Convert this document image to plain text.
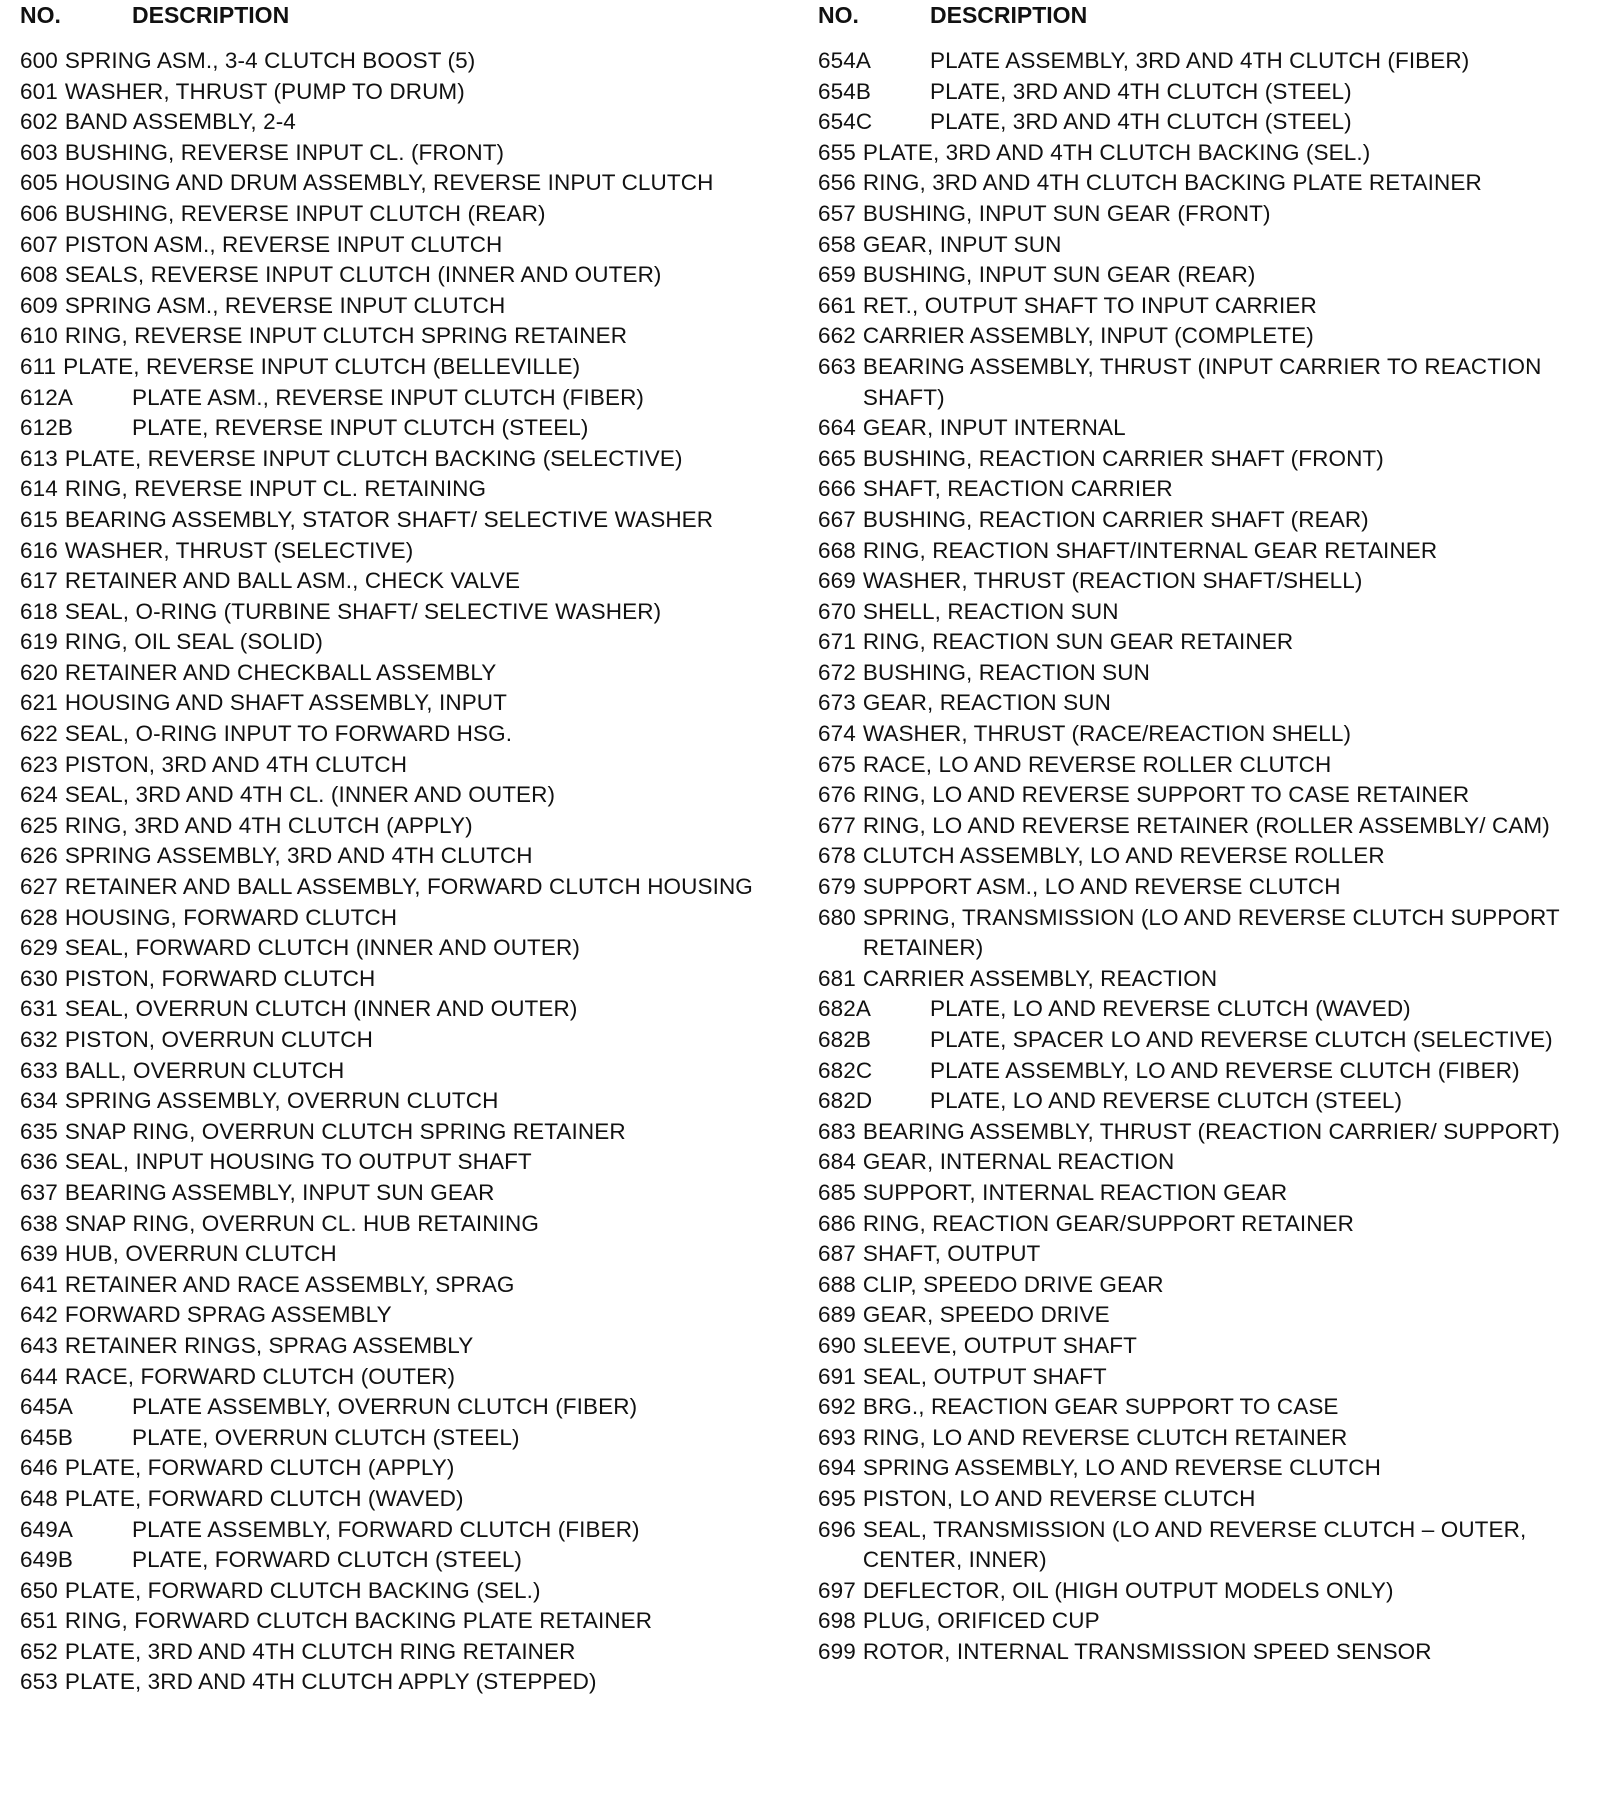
NO.	DESCRIPTION
600 SPRING ASM., 3-4 CLUTCH BOOST (5)
601 WASHER, THRUST (PUMP TO DRUM)
602 BAND ASSEMBLY, 2-4
603 BUSHING, REVERSE INPUT CL. (FRONT)
605 HOUSING AND DRUM ASSEMBLY, REVERSE INPUT CLUTCH
606 BUSHING, REVERSE INPUT CLUTCH (REAR)
607 PISTON ASM., REVERSE INPUT CLUTCH
608 SEALS, REVERSE INPUT CLUTCH (INNER AND OUTER)
609 SPRING ASM., REVERSE INPUT CLUTCH
610 RING, REVERSE INPUT CLUTCH SPRING RETAINER
611 PLATE, REVERSE INPUT CLUTCH (BELLEVILLE)
612A	PLATE ASM., REVERSE INPUT CLUTCH (FIBER)
612B	PLATE, REVERSE INPUT CLUTCH (STEEL)
613 PLATE, REVERSE INPUT CLUTCH BACKING (SELECTIVE)
614 RING, REVERSE INPUT CL. RETAINING
615 BEARING ASSEMBLY, STATOR SHAFT/ SELECTIVE WASHER
616 WASHER, THRUST (SELECTIVE)
617 RETAINER AND BALL ASM., CHECK VALVE
618 SEAL, O-RING (TURBINE SHAFT/ SELECTIVE WASHER)
619 RING, OIL SEAL (SOLID)
620 RETAINER AND CHECKBALL ASSEMBLY
621 HOUSING AND SHAFT ASSEMBLY, INPUT
622 SEAL, O-RING INPUT TO FORWARD HSG.
623 PISTON, 3RD AND 4TH CLUTCH
624 SEAL, 3RD AND 4TH CL. (INNER AND OUTER)
625 RING, 3RD AND 4TH CLUTCH (APPLY)
626 SPRING ASSEMBLY, 3RD AND 4TH CLUTCH
627 RETAINER AND BALL ASSEMBLY, FORWARD CLUTCH HOUSING
628 HOUSING, FORWARD CLUTCH
629 SEAL, FORWARD CLUTCH (INNER AND OUTER)
630 PISTON, FORWARD CLUTCH
631 SEAL, OVERRUN CLUTCH (INNER AND OUTER)
632 PISTON, OVERRUN CLUTCH
633 BALL, OVERRUN CLUTCH
634 SPRING ASSEMBLY, OVERRUN CLUTCH
635 SNAP RING, OVERRUN CLUTCH SPRING RETAINER
636 SEAL, INPUT HOUSING TO OUTPUT SHAFT
637 BEARING ASSEMBLY, INPUT SUN GEAR
638 SNAP RING, OVERRUN CL. HUB RETAINING
639 HUB, OVERRUN CLUTCH
641 RETAINER AND RACE ASSEMBLY, SPRAG
642 FORWARD SPRAG ASSEMBLY
643 RETAINER RINGS, SPRAG ASSEMBLY
644 RACE, FORWARD CLUTCH (OUTER)
645A	PLATE ASSEMBLY, OVERRUN CLUTCH (FIBER)
645B	PLATE, OVERRUN CLUTCH (STEEL)
646 PLATE, FORWARD CLUTCH (APPLY)
648 PLATE, FORWARD CLUTCH (WAVED)
649A	PLATE ASSEMBLY, FORWARD CLUTCH (FIBER)
649B	PLATE, FORWARD CLUTCH (STEEL)
650 PLATE, FORWARD CLUTCH BACKING (SEL.)
651 RING, FORWARD CLUTCH BACKING PLATE RETAINER
652 PLATE, 3RD AND 4TH CLUTCH RING RETAINER
653 PLATE, 3RD AND 4TH CLUTCH APPLY (STEPPED)
NO.	DESCRIPTION
654A	PLATE ASSEMBLY, 3RD AND 4TH CLUTCH (FIBER)
654B	PLATE, 3RD AND 4TH CLUTCH (STEEL)
654C	PLATE, 3RD AND 4TH CLUTCH (STEEL)
655 PLATE, 3RD AND 4TH CLUTCH BACKING (SEL.)
656 RING, 3RD AND 4TH CLUTCH BACKING PLATE RETAINER
657 BUSHING, INPUT SUN GEAR (FRONT)
658 GEAR, INPUT SUN
659 BUSHING, INPUT SUN GEAR (REAR)
661 RET., OUTPUT SHAFT TO INPUT CARRIER
662 CARRIER ASSEMBLY, INPUT (COMPLETE)
663 BEARING ASSEMBLY, THRUST (INPUT CARRIER TO REACTION SHAFT)
664 GEAR, INPUT INTERNAL
665 BUSHING, REACTION CARRIER SHAFT (FRONT)
666 SHAFT, REACTION CARRIER
667 BUSHING, REACTION CARRIER SHAFT (REAR)
668 RING, REACTION SHAFT/INTERNAL GEAR RETAINER
669 WASHER, THRUST (REACTION SHAFT/SHELL)
670 SHELL, REACTION SUN
671 RING, REACTION SUN GEAR RETAINER
672 BUSHING, REACTION SUN
673 GEAR, REACTION SUN
674 WASHER, THRUST (RACE/REACTION SHELL)
675 RACE, LO AND REVERSE ROLLER CLUTCH
676 RING, LO AND REVERSE SUPPORT TO CASE RETAINER
677 RING, LO AND REVERSE RETAINER (ROLLER ASSEMBLY/ CAM)
678 CLUTCH ASSEMBLY, LO AND REVERSE ROLLER
679 SUPPORT ASM., LO AND REVERSE CLUTCH
680 SPRING, TRANSMISSION (LO AND REVERSE CLUTCH SUPPORT RETAINER)
681 CARRIER ASSEMBLY, REACTION
682A	PLATE, LO AND REVERSE CLUTCH (WAVED)
682B	PLATE, SPACER LO AND REVERSE CLUTCH (SELECTIVE)
682C	PLATE ASSEMBLY, LO AND REVERSE CLUTCH (FIBER)
682D	PLATE, LO AND REVERSE CLUTCH (STEEL)
683 BEARING ASSEMBLY, THRUST (REACTION CARRIER/ SUPPORT)
684 GEAR, INTERNAL REACTION
685 SUPPORT, INTERNAL REACTION GEAR
686 RING, REACTION GEAR/SUPPORT RETAINER
687 SHAFT, OUTPUT
688 CLIP, SPEEDO DRIVE GEAR
689 GEAR, SPEEDO DRIVE
690 SLEEVE, OUTPUT SHAFT
691 SEAL, OUTPUT SHAFT
692 BRG., REACTION GEAR SUPPORT TO CASE
693 RING, LO AND REVERSE CLUTCH RETAINER
694 SPRING ASSEMBLY, LO AND REVERSE CLUTCH
695 PISTON, LO AND REVERSE CLUTCH
696 SEAL, TRANSMISSION (LO AND REVERSE CLUTCH – OUTER, CENTER, INNER)
697 DEFLECTOR, OIL (HIGH OUTPUT MODELS ONLY)
698 PLUG, ORIFICED CUP
699 ROTOR, INTERNAL TRANSMISSION SPEED SENSOR
